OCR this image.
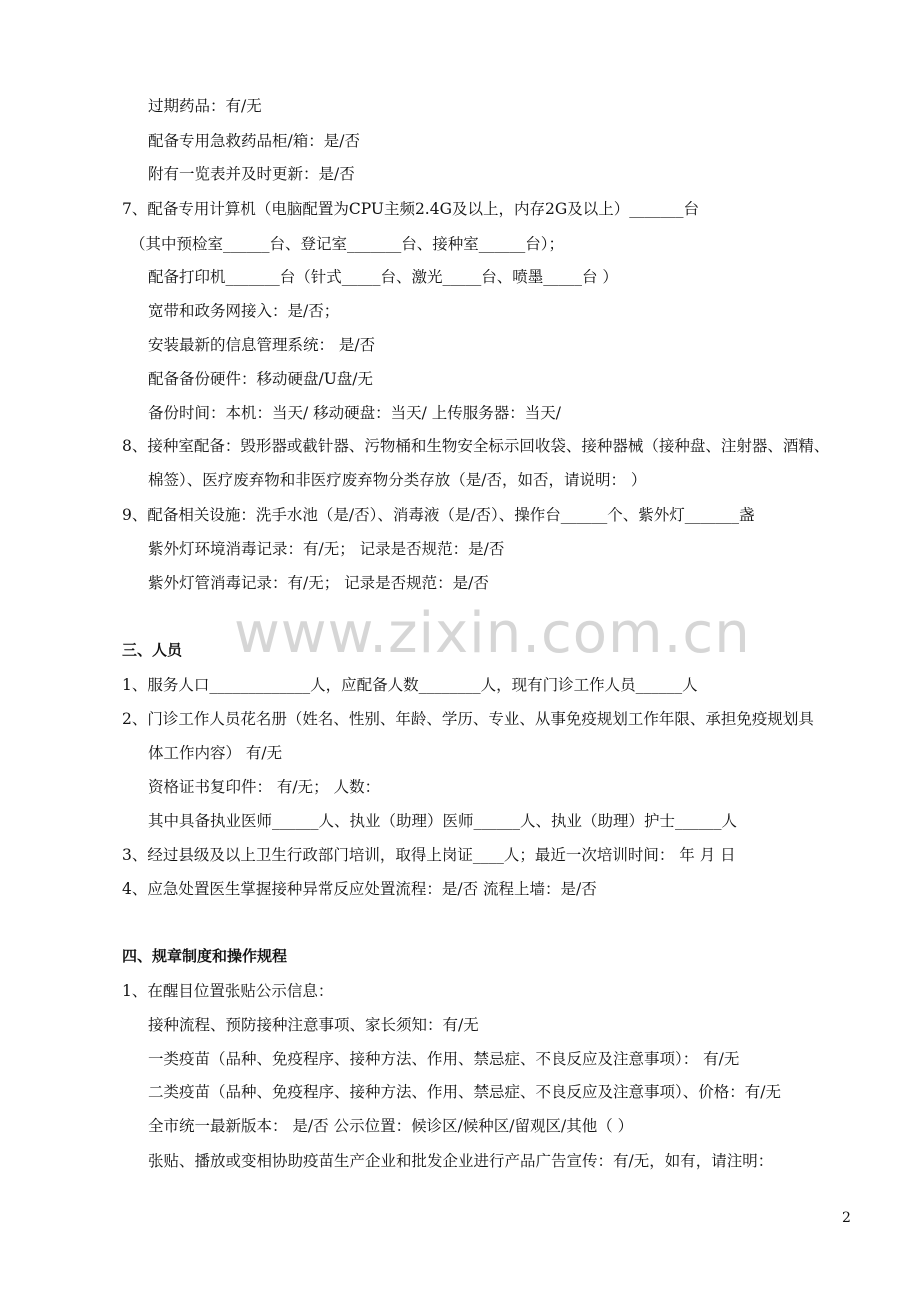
www.zixin.com.cn
过期药品：有/无
配备专用急救药品柜/箱：是/否
附有一览表并及时更新：是/否
7、配备专用计算机（电脑配置为CPU主频2.4G及以上，内存2G及以上）_______台
（其中预检室______台、登记室_______台、接种室______台）；
配备打印机_______台（针式_____台、激光_____台、喷墨_____台 ）
宽带和政务网接入：是/否；
安装最新的信息管理系统： 是/否
配备备份硬件：移动硬盘/U盘/无
备份时间：本机：当天/ 移动硬盘：当天/ 上传服务器：当天/
8、接种室配备：毁形器或截针器、污物桶和生物安全标示回收袋、接种器械（接种盘、注射器、酒精、
棉签）、医疗废弃物和非医疗废弃物分类存放（是/否，如否，请说明： ）
9、配备相关设施：洗手水池（是/否）、消毒液（是/否）、操作台______个、紫外灯_______盏
紫外灯环境消毒记录：有/无； 记录是否规范：是/否
紫外灯管消毒记录：有/无； 记录是否规范：是/否
三、人员
1、服务人口_____________人，应配备人数________人，现有门诊工作人员______人
2、门诊工作人员花名册（姓名、性别、年龄、学历、专业、从事免疫规划工作年限、承担免疫规划具
体工作内容） 有/无
资格证书复印件： 有/无； 人数：
其中具备执业医师______人、执业（助理）医师______人、执业（助理）护士______人
3、经过县级及以上卫生行政部门培训，取得上岗证____人；最近一次培训时间： 年 月 日
4、应急处置医生掌握接种异常反应处置流程：是/否 流程上墙：是/否
四、规章制度和操作规程
1、在醒目位置张贴公示信息：
接种流程、预防接种注意事项、家长须知：有/无
一类疫苗（品种、免疫程序、接种方法、作用、禁忌症、不良反应及注意事项）： 有/无
二类疫苗（品种、免疫程序、接种方法、作用、禁忌症、不良反应及注意事项）、价格：有/无
全市统一最新版本： 是/否 公示位置：候诊区/候种区/留观区/其他（ ）
张贴、播放或变相协助疫苗生产企业和批发企业进行产品广告宣传：有/无，如有，请注明：
2
